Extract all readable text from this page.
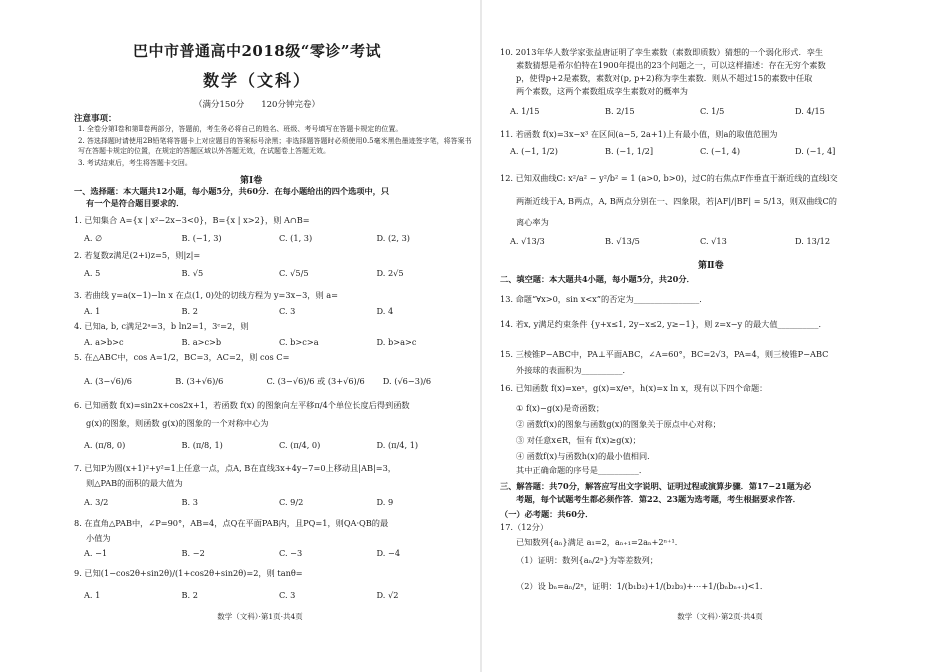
巴中市普通高中2018级“零诊”考试
数学（文科）
（满分150分　　120分钟完卷）
注意事项：
1. 全卷分第Ⅰ卷和第Ⅱ卷两部分，答题前，考生务必将自己的姓名、班级、考号填写在答题卡规定的位置。
2. 答选择题时请使用2B铅笔将答题卡上对应题目的答案标号涂黑；非选择题答题时必须使用0.5毫米黑色墨迹签字笔，将答案书写在答题卡规定的位置，在规定的答题区域以外答题无效，在试题卷上答题无效。
3. 考试结束后，考生将答题卡交回。
第Ⅰ卷
一、选择题：本大题共12小题，每小题5分，共60分．在每小题给出的四个选项中，只
有一个是符合题目要求的．
1. 已知集合 A={x | x²−2x−3<0}，B={x | x>2}，则 A∩B=
A. ∅	B. (−1, 3)	C. (1, 3)	D. (2, 3)
2. 若复数z满足(2+i)z=5，则|z|=
A. 5	B. √5	C. √5/5	D. 2√5
3. 若曲线 y=a(x−1)−ln x 在点(1, 0)处的切线方程为 y=3x−3，则 a=
A. 1	B. 2	C. 3	D. 4
4. 已知a, b, c满足2ᵃ=3，b ln2=1，3ᶜ=2，则
A. a>b>c	B. a>c>b	C. b>c>a	D. b>a>c
5. 在△ABC中，cos A=1/2，BC=3，AC=2，则 cos C=
A. (3−√6)/6	B. (3+√6)/6	C. (3−√6)/6 或 (3+√6)/6	D. (√6−3)/6
6. 已知函数 f(x)=sin2x+cos2x+1，若函数 f(x) 的图象向左平移π/4个单位长度后得到函数
g(x)的图象，则函数 g(x)的图象的一个对称中心为
A. (π/8, 0)	B. (π/8, 1)	C. (π/4, 0)	D. (π/4, 1)
7. 已知P为圆(x+1)²+y²=1上任意一点，点A, B在直线3x+4y−7=0上移动且|AB|=3，
则△PAB的面积的最大值为
A. 3/2	B. 3	C. 9/2	D. 9
8. 在直角△PAB中，∠P=90°，AB=4，点Q在平面PAB内，且PQ=1，则QA·QB的最
小值为
A. −1	B. −2	C. −3	D. −4
9. 已知(1−cos2θ+sin2θ)/(1+cos2θ+sin2θ)=2，则 tanθ=
A. 1	B. 2	C. 3	D. √2
数学（文科）·第1页·共4页
10. 2013年华人数学家张益唐证明了孪生素数（素数即质数）猜想的一个弱化形式．孪生
素数猜想是希尔伯特在1900年提出的23个问题之一，可以这样描述：存在无穷个素数
p，使得p+2是素数，素数对(p, p+2)称为孪生素数．则从不超过15的素数中任取
两个素数，这两个素数组成孪生素数对的概率为
A. 1/15	B. 2/15	C. 1/5	D. 4/15
11. 若函数 f(x)=3x−x³ 在区间(a−5, 2a+1)上有最小值，则a的取值范围为
A. (−1, 1/2)	B. (−1, 1/2]	C. (−1, 4)	D. (−1, 4]
12. 已知双曲线C: x²/a² − y²/b² = 1 (a>0, b>0)，过C的右焦点F作垂直于渐近线的直线l交
两渐近线于A, B两点，A, B两点分别在一、四象限，若|AF|/|BF| = 5/13，则双曲线C的
离心率为
A. √13/3	B. √13/5	C. √13	D. 13/12
第Ⅱ卷
二、填空题：本大题共4小题，每小题5分，共20分．
13. 命题“∀x>0，sin x<x”的否定为________________．
14. 若x, y满足约束条件 {y+x≤1, 2y−x≤2, y≥−1}，则 z=x−y 的最大值__________．
15. 三棱锥P−ABC中，PA⊥平面ABC，∠A=60°，BC=2√3，PA=4，则三棱锥P−ABC
外接球的表面积为__________．
16. 已知函数 f(x)=xeˣ，g(x)=x/eˣ，h(x)=x ln x，现有以下四个命题：
① f(x)−g(x)是奇函数；
② 函数f(x)的图象与函数g(x)的图象关于原点中心对称；
③ 对任意x∈R，恒有 f(x)≥g(x)；
④ 函数f(x)与函数h(x)的最小值相同．
其中正确命题的序号是__________．
三、解答题：共70分，解答应写出文字说明、证明过程或演算步骤．第17−21题为必
考题，每个试题考生都必须作答．第22、23题为选考题，考生根据要求作答．
（一）必考题：共60分．
17.（12分）
已知数列{aₙ}满足 a₁=2，aₙ₊₁=2aₙ+2ⁿ⁺¹．
（1）证明：数列{aₙ/2ⁿ}为等差数列；
（2）设 bₙ=aₙ/2ⁿ，证明：1/(b₁b₂)+1/(b₂b₃)+⋯+1/(bₙbₙ₊₁)<1．
数学（文科）·第2页·共4页
